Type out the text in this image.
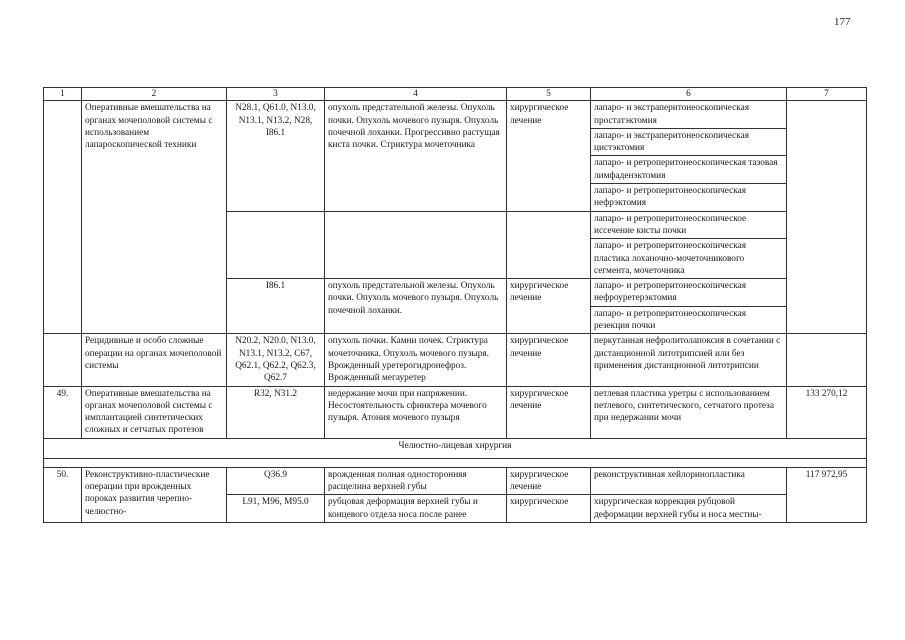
177
1	2	3	4	5	6	7
	Оперативные вмешательства на органах мочеполовой системы с использованием лапароскопической техники	N28.1, Q61.0, N13.0, N13.1, N13.2, N28, I86.1	опухоль предстательной железы. Опухоль почки. Опухоль мочевого пузыря. Опухоль почечной лоханки. Прогрессивно растущая киста почки. Стриктура мочеточника	хирургическое лечение	лапаро- и экстраперитонеоскопическая простатэктомия	
					лапаро- и экстраперитонеоскопическая цистэктомия	
					лапаро- и ретроперитонеоскопическая тазовая лимфаденэктомия	
					лапаро- и ретроперитонеоскопическая нефрэктомия	
					лапаро- и ретроперитонеоскопическое иссечение кисты почки	
					лапаро- и ретроперитонеоскопическая пластика лоханочно-мочеточникового сегмента, мочеточника	
		I86.1	опухоль предстательной железы. Опухоль почки. Опухоль мочевого пузыря. Опухоль почечной лоханки.	хирургическое лечение	лапаро- и ретроперитонеоскопическая нефроуретерэктомия	
					лапаро- и ретроперитонеоскопическая резекция почки	
	Рецидивные и особо сложные операции на органах мочеполовой системы	N20.2, N20.0, N13.0, N13.1, N13.2, C67, Q62.1, Q62.2, Q62.3, Q62.7	опухоль почки. Камни почек. Стриктура мочеточника. Опухоль мочевого пузыря. Врожденный уретерогидронефроз. Врожденный мегауретер	хирургическое лечение	перкутанная нефролитолапоксия в сочетании с дистанционной литотрипсией или без применения дистанционной литотрипсии	
49.	Оперативные вмешательства на органах мочеполовой системы с имплантацией синтетических сложных и сетчатых протезов	R32, N31.2	недержание мочи при напряжении. Несостоятельность сфинктера мочевого пузыря. Атония мочевого пузыря	хирургическое лечение	петлевая пластика уретры с использованием петлевого, синтетического, сетчатого протеза при недержании мочи	133 270,12
Челюстно-лицевая хирургия						

50.	Реконструктивно-пластические операции при врожденных пороках развития черепно-челюстно-	Q36.9	врожденная полная односторонняя расщелина верхней губы	хирургическое лечение	реконструктивная хейлоринопластика	117 972,95
		L91, M96, M95.0	рубцовая деформация верхней губы и концевого отдела носа после ранее	хирургическое	хирургическая коррекция рубцовой деформации верхней губы и носа местны-	
